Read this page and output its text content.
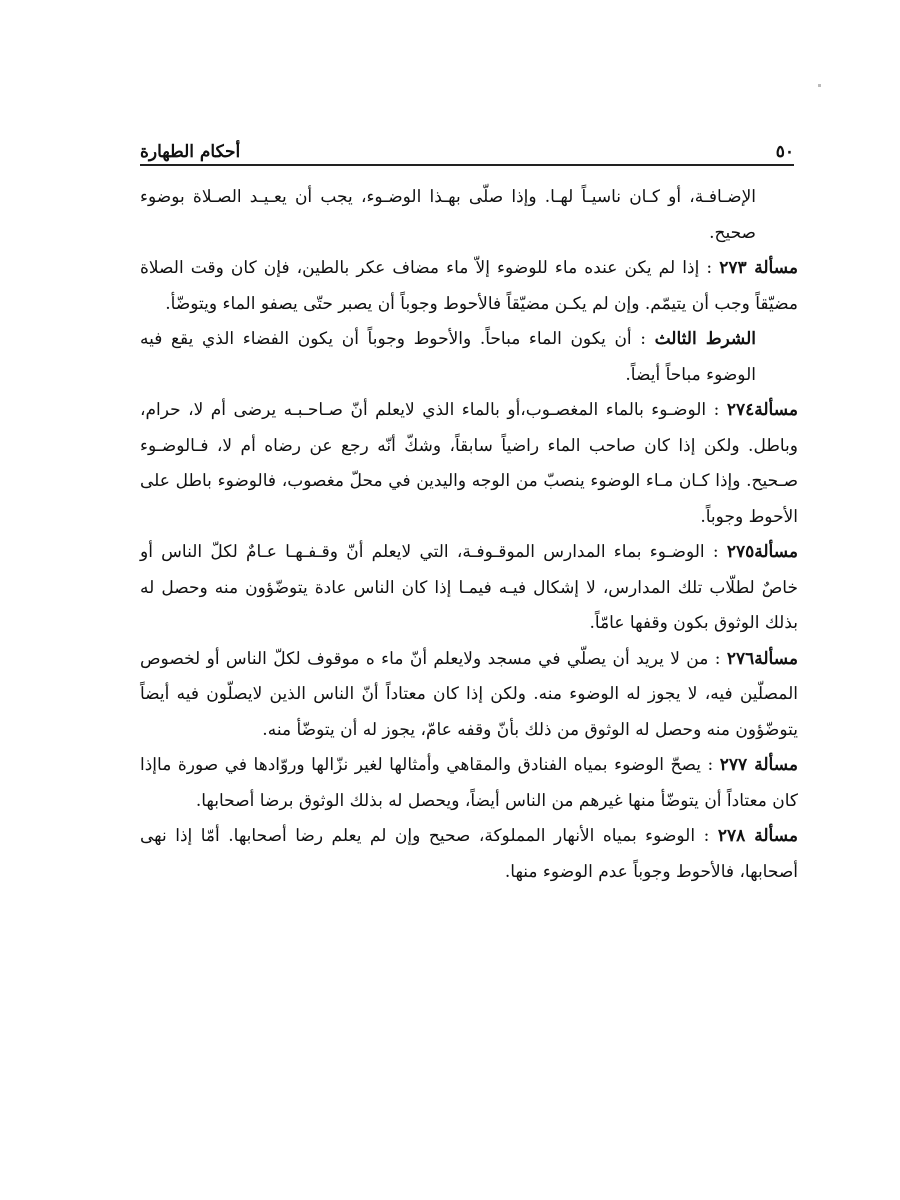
أحكام الطهارة	٥٠

الإضـافـة، أو كـان ناسيـاً لهـا. وإذا صلّى بهـذا الوضـوء، يجب أن يعـيـد الصـلاة بوضوء صحيح.

مسألة ٢٧٣ : إذا لم يكن عنده ماء للوضوء إلاّ ماء مضاف عكر بالطين، فإن كان وقت الصلاة مضيّقاً وجب أن يتيمّم. وإن لم يكـن مضيّقاً فالأحوط وجوباً أن يصبر حتّى يصفو الماء ويتوضّأ.

الشرط الثالث : أن يكون الماء مباحاً. والأحوط وجوباً أن يكون الفضاء الذي يقع فيه الوضوء مباحاً أيضاً.

مسألة٢٧٤ : الوضـوء بالماء المغصـوب،أو بالماء الذي لايعلم أنّ صـاحـبـه يرضى أم لا، حرام، وباطل. ولكن إذا كان صاحب الماء راضياً سابقاً، وشكّ أنّه رجع عن رضاه أم لا، فـالوضـوء صـحيح. وإذا كـان مـاء الوضوء ينصبّ من الوجه واليدين في محلّ مغصوب، فالوضوء باطل على الأحوط وجوباً.

مسألة٢٧٥ : الوضـوء بماء المدارس الموقـوفـة، التي لايعلم أنّ وقـفـهـا عـامٌ لكلّ الناس أو خاصٌ لطلّاب تلك المدارس، لا إشكال فيـه فيمـا إذا كان الناس عادة يتوضّؤون منه وحصل له بذلك الوثوق بكون وقفها عامّاً.

مسألة٢٧٦ : من لا يريد أن يصلّي في مسجد ولايعلم أنّ ماء ه موقوف لكلّ الناس أو لخصوص المصلّين فيه، لا يجوز له الوضوء منه. ولكن إذا كان معتاداً أنّ الناس الذين لايصلّون فيه أيضاً يتوضّؤون منه وحصل له الوثوق من ذلك بأنّ وقفه عامّ، يجوز له أن يتوضّأ منه.

مسألة ٢٧٧ : يصحّ الوضوء بمياه الفنادق والمقاهي وأمثالها لغير نزّالها وروّادها في صورة ماإذا كان معتاداً أن يتوضّأ منها غيرهم من الناس أيضاً، ويحصل له بذلك الوثوق برضا أصحابها.

مسألة ٢٧٨ : الوضوء بمياه الأنهار المملوكة، صحيح وإن لم يعلم رضا أصحابها. أمّا إذا نهى أصحابها، فالأحوط وجوباً عدم الوضوء منها.
